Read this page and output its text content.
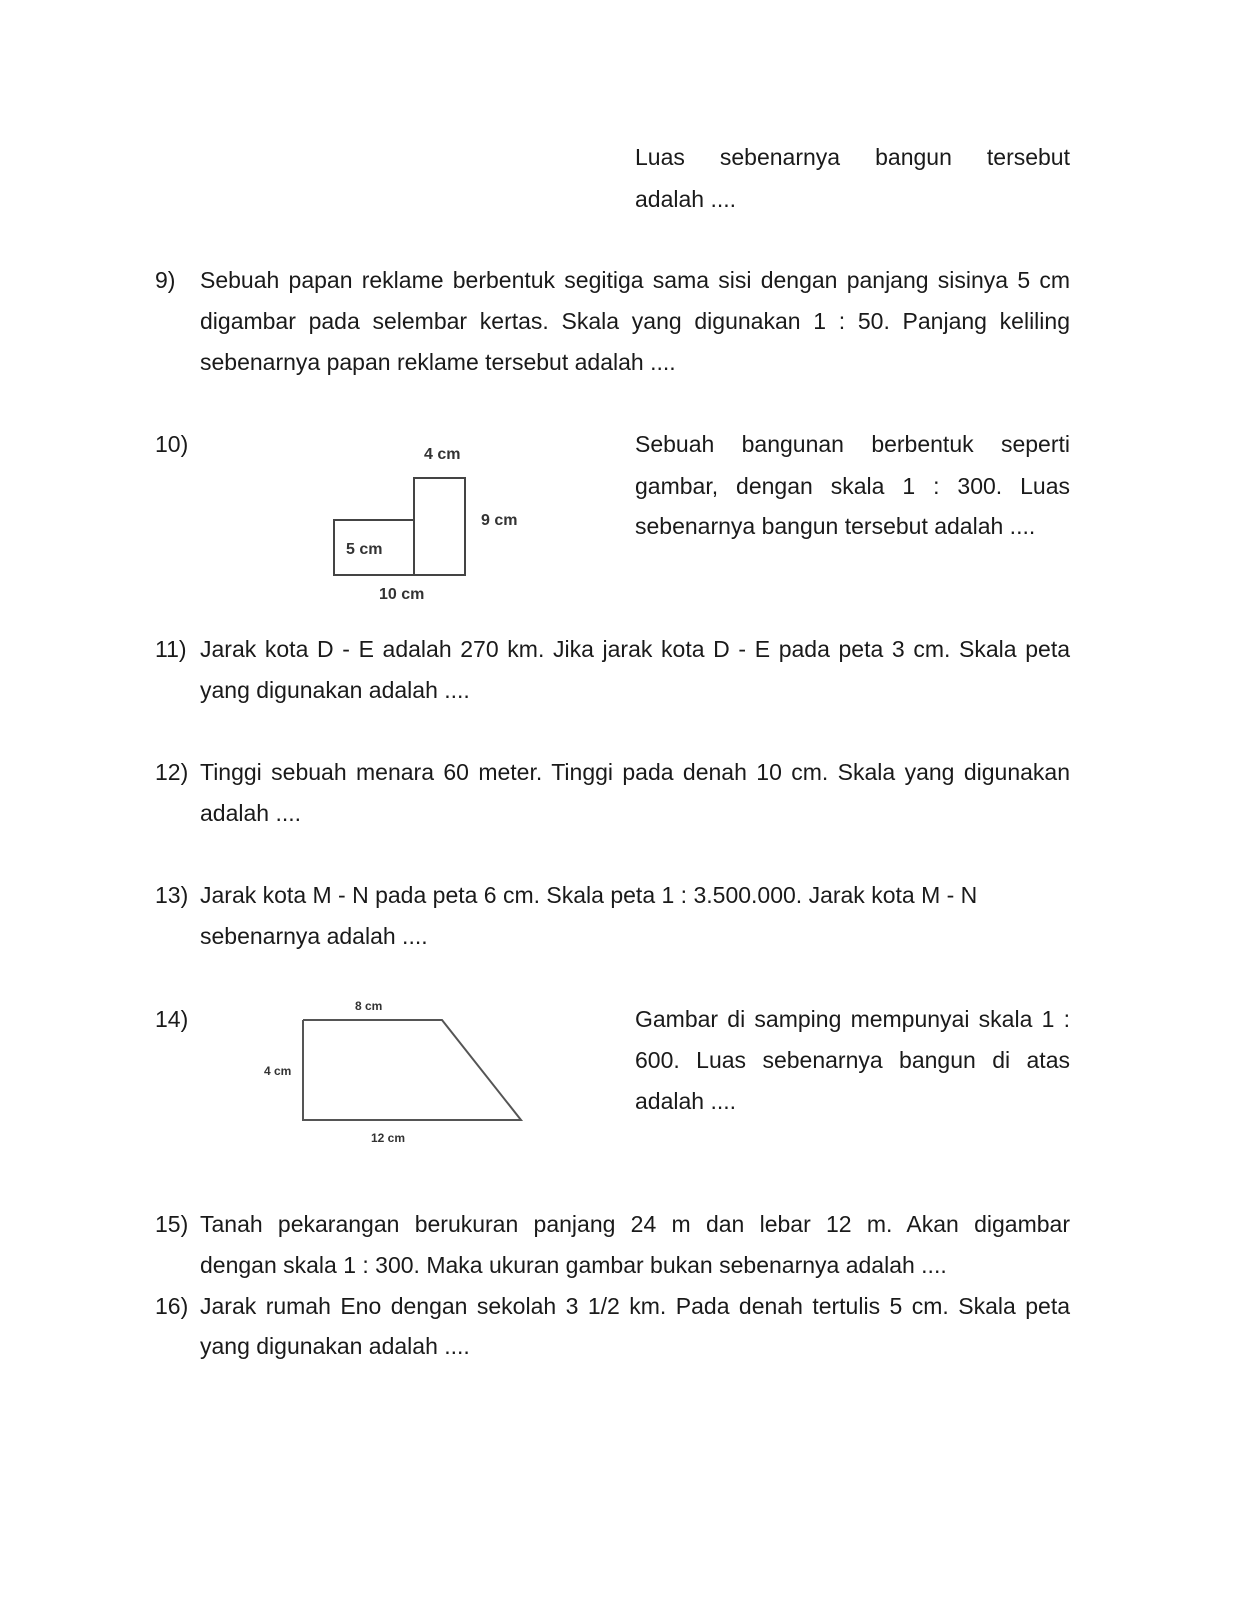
Luas sebenarnya bangun tersebut
adalah ....
9) Sebuah papan reklame berbentuk segitiga sama sisi dengan panjang sisinya 5 cm
digambar pada selembar kertas. Skala yang digunakan 1 : 50. Panjang keliling
sebenarnya papan reklame tersebut adalah ....
10)	4 cm
9 cm
5 cm
10 cm
Sebuah bangunan berbentuk seperti
gambar, dengan skala 1 : 300. Luas
sebenarnya bangun tersebut adalah ....
11) Jarak kota D - E adalah 270 km. Jika jarak kota D - E pada peta 3 cm. Skala peta
yang digunakan adalah ....
12) Tinggi sebuah menara 60 meter. Tinggi pada denah 10 cm. Skala yang digunakan
adalah ....
13) Jarak kota M - N pada peta 6 cm. Skala peta 1 : 3.500.000. Jarak kota M - N
sebenarnya adalah ....
14)	8 cm
4 cm
12 cm
Gambar di samping mempunyai skala 1 :
600. Luas sebenarnya bangun di atas
adalah ....
15) Tanah pekarangan berukuran panjang 24 m dan lebar 12 m. Akan digambar
dengan skala 1 : 300. Maka ukuran gambar bukan sebenarnya adalah ....
16) Jarak rumah Eno dengan sekolah 3 1/2 km. Pada denah tertulis 5 cm. Skala peta
yang digunakan adalah ....
